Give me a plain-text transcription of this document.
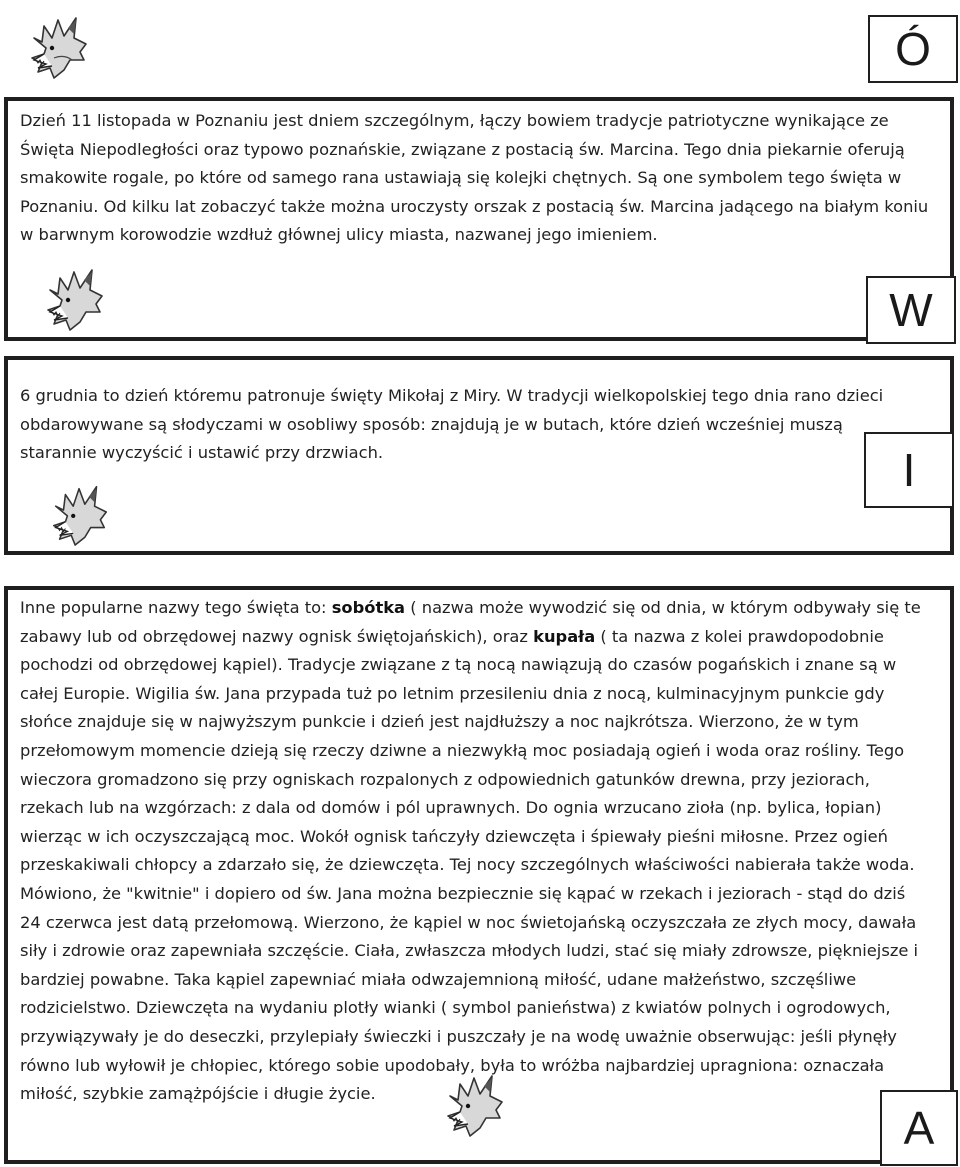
Dzień 11 listopada w Poznaniu jest dniem szczególnym, łączy bowiem tradycje patriotyczne wynikające ze
Święta Niepodległości oraz typowo poznańskie, związane z postacią św. Marcina. Tego dnia piekarnie oferują
smakowite rogale, po które od samego rana ustawiają się kolejki chętnych. Są one symbolem tego święta w
Poznaniu. Od kilku lat zobaczyć także można uroczysty orszak z postacią św. Marcina jadącego na białym koniu
w barwnym korowodzie wzdłuż głównej ulicy miasta, nazwanej jego imieniem.
Ó
W
6 grudnia to dzień któremu patronuje święty Mikołaj z Miry. W tradycji wielkopolskiej tego dnia rano dzieci
obdarowywane są słodyczami w osobliwy sposób: znajdują je w butach, które dzień wcześniej muszą
starannie wyczyścić i ustawić przy drzwiach.	I
Inne popularne nazwy tego święta to: sobótka ( nazwa może wywodzić się od dnia, w którym odbywały się te
zabawy lub od obrzędowej nazwy ognisk świętojańskich), oraz kupała ( ta nazwa z kolei prawdopodobnie
pochodzi od obrzędowej kąpiel). Tradycje związane z tą nocą nawiązują do czasów pogańskich i znane są w
całej Europie. Wigilia św. Jana przypada tuż po letnim przesileniu dnia z nocą, kulminacyjnym punkcie gdy
słońce znajduje się w najwyższym punkcie i dzień jest najdłuższy a noc najkrótsza. Wierzono, że w tym
przełomowym momencie dzieją się rzeczy dziwne a niezwykłą moc posiadają ogień i woda oraz rośliny. Tego
wieczora gromadzono się przy ogniskach rozpalonych z odpowiednich gatunków drewna, przy jeziorach,
rzekach lub na wzgórzach: z dala od domów i pól uprawnych. Do ognia wrzucano zioła (np. bylica, łopian)
wierząc w ich oczyszczającą moc. Wokół ognisk tańczyły dziewczęta i śpiewały pieśni miłosne. Przez ogień
przeskakiwali chłopcy a zdarzało się, że dziewczęta. Tej nocy szczególnych właściwości nabierała także woda.
Mówiono, że "kwitnie" i dopiero od św. Jana można bezpiecznie się kąpać w rzekach i jeziorach - stąd do dziś
24 czerwca jest datą przełomową. Wierzono, że kąpiel w noc świetojańską oczyszczała ze złych mocy, dawała
siły i zdrowie oraz zapewniała szczęście. Ciała, zwłaszcza młodych ludzi, stać się miały zdrowsze, piękniejsze i
bardziej powabne. Taka kąpiel zapewniać miała odwzajemnioną miłość, udane małżeństwo, szczęśliwe
rodzicielstwo. Dziewczęta na wydaniu plotły wianki ( symbol panieństwa) z kwiatów polnych i ogrodowych,
przywiązywały je do deseczki, przylepiały świeczki i puszczały je na wodę uważnie obserwując: jeśli płynęły
równo lub wyłowił je chłopiec, którego sobie upodobały, była to wróżba najbardziej upragniona: oznaczała
miłość, szybkie zamążpójście i długie życie.
A
